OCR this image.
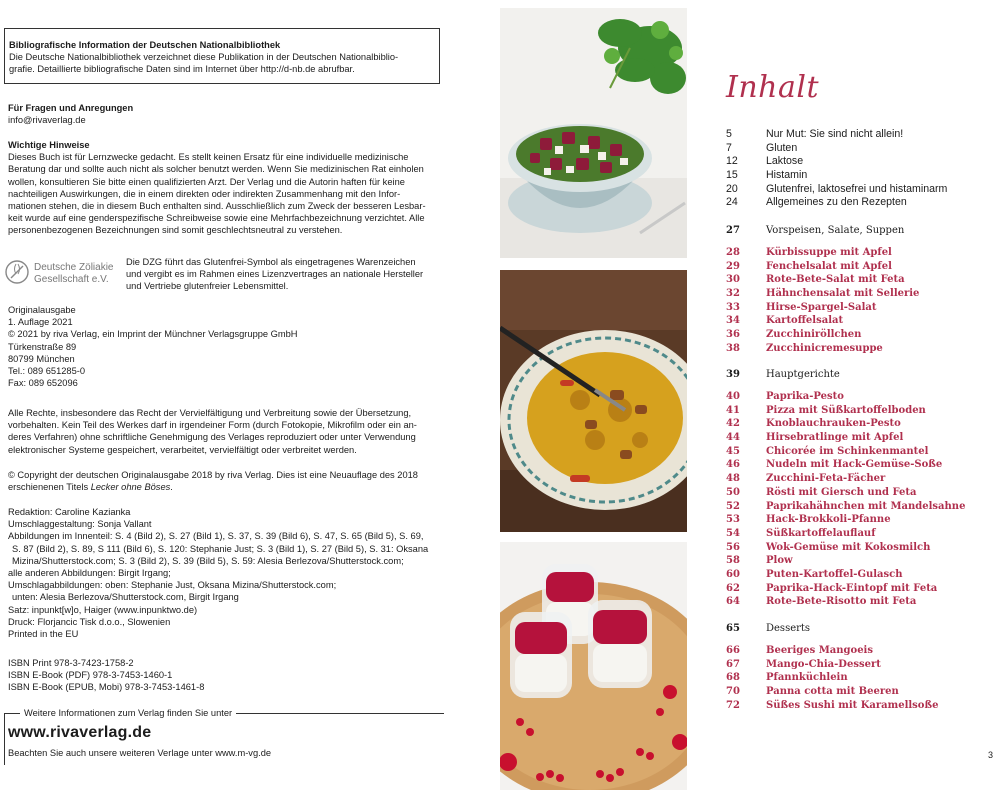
Bibliografische Information der Deutschen Nationalbibliothek
Die Deutsche Nationalbibliothek verzeichnet diese Publikation in der Deutschen Nationalbiblio-
grafie. Detaillierte bibliografische Daten sind im Internet über http://d-nb.de abrufbar.
Für Fragen und Anregungen
info@rivaverlag.de
Wichtige Hinweise
Dieses Buch ist für Lernzwecke gedacht. Es stellt keinen Ersatz für eine individuelle medizinische
Beratung dar und sollte auch nicht als solcher benutzt werden. Wenn Sie medizinischen Rat einholen
wollen, konsultieren Sie bitte einen qualifizierten Arzt. Der Verlag und die Autorin haften für keine
nachteiligen Auswirkungen, die in einem direkten oder indirekten Zusammenhang mit den Infor-
mationen stehen, die in diesem Buch enthalten sind. Ausschließlich zum Zweck der besseren Lesbar-
keit wurde auf eine genderspezifische Schreibweise sowie eine Mehrfachbezeichnung verzichtet. Alle
personenbezogenen Bezeichnungen sind somit geschlechtsneutral zu verstehen.
Deutsche Zöliakie
Gesellschaft e.V.
Die DZG führt das Glutenfrei-Symbol als eingetragenes Warenzeichen
und vergibt es im Rahmen eines Lizenzvertrages an nationale Hersteller
und Vertriebe glutenfreier Lebensmittel.
Originalausgabe
1. Auflage 2021
© 2021 by riva Verlag, ein Imprint der Münchner Verlagsgruppe GmbH
Türkenstraße 89
80799 München
Tel.: 089 651285-0
Fax: 089 652096
Alle Rechte, insbesondere das Recht der Vervielfältigung und Verbreitung sowie der Übersetzung,
vorbehalten. Kein Teil des Werkes darf in irgendeiner Form (durch Fotokopie, Mikrofilm oder ein an-
deres Verfahren) ohne schriftliche Genehmigung des Verlages reproduziert oder unter Verwendung
elektronischer Systeme gespeichert, verarbeitet, vervielfältigt oder verbreitet werden.
© Copyright der deutschen Originalausgabe 2018 by riva Verlag. Dies ist eine Neuauflage des 2018
erschienenen Titels Lecker ohne Böses.
Redaktion: Caroline Kazianka
Umschlaggestaltung: Sonja Vallant
Abbildungen im Innenteil: S. 4 (Bild 2), S. 27 (Bild 1), S. 37, S. 39 (Bild 6), S. 47, S. 65 (Bild 5), S. 69,
S. 87 (Bild 2), S. 89, S 111 (Bild 6), S. 120: Stephanie Just; S. 3 (Bild 1), S. 27 (Bild 5), S. 31: Oksana
Mizina/Shutterstock.com; S. 3 (Bild 2), S. 39 (Bild 5), S. 59: Alesia Berlezova/Shutterstock.com;
alle anderen Abbildungen: Birgit Irgang;
Umschlagabbildungen: oben: Stephanie Just, Oksana Mizina/Shutterstock.com;
unten: Alesia Berlezova/Shutterstock.com, Birgit Irgang
Satz: inpunkt[w]o, Haiger (www.inpunktwo.de)
Druck: Florjancic Tisk d.o.o., Slowenien
Printed in the EU
ISBN Print 978-3-7423-1758-2
ISBN E-Book (PDF) 978-3-7453-1460-1
ISBN E-Book (EPUB, Mobi) 978-3-7453-1461-8
Weitere Informationen zum Verlag finden Sie unter
www.rivaverlag.de
Beachten Sie auch unsere weiteren Verlage unter www.m-vg.de
Inhalt
5	Nur Mut: Sie sind nicht allein!
7	Gluten
12	Laktose
15	Histamin
20	Glutenfrei, laktosefrei und histaminarm
24	Allgemeines zu den Rezepten
27	Vorspeisen, Salate, Suppen
28	Kürbissuppe mit Apfel
29	Fenchelsalat mit Apfel
30	Rote-Bete-Salat mit Feta
32	Hähnchensalat mit Sellerie
33	Hirse-Spargel-Salat
34	Kartoffelsalat
36	Zucchiniröllchen
38	Zucchinicremesuppe
39	Hauptgerichte
40	Paprika-Pesto
41	Pizza mit Süßkartoffelboden
42	Knoblauchrauken-Pesto
44	Hirsebratlinge mit Apfel
45	Chicorée im Schinkenmantel
46	Nudeln mit Hack-Gemüse-Soße
48	Zucchini-Feta-Fächer
50	Rösti mit Giersch und Feta
52	Paprikahähnchen mit Mandelsahne
53	Hack-Brokkoli-Pfanne
54	Süßkartoffelauflauf
56	Wok-Gemüse mit Kokosmilch
58	Plow
60	Puten-Kartoffel-Gulasch
62	Paprika-Hack-Eintopf mit Feta
64	Rote-Bete-Risotto mit Feta
65	Desserts
66	Beeriges Mangoeis
67	Mango-Chia-Dessert
68	Pfannküchlein
70	Panna cotta mit Beeren
72	Süßes Sushi mit Karamellsoße
3
